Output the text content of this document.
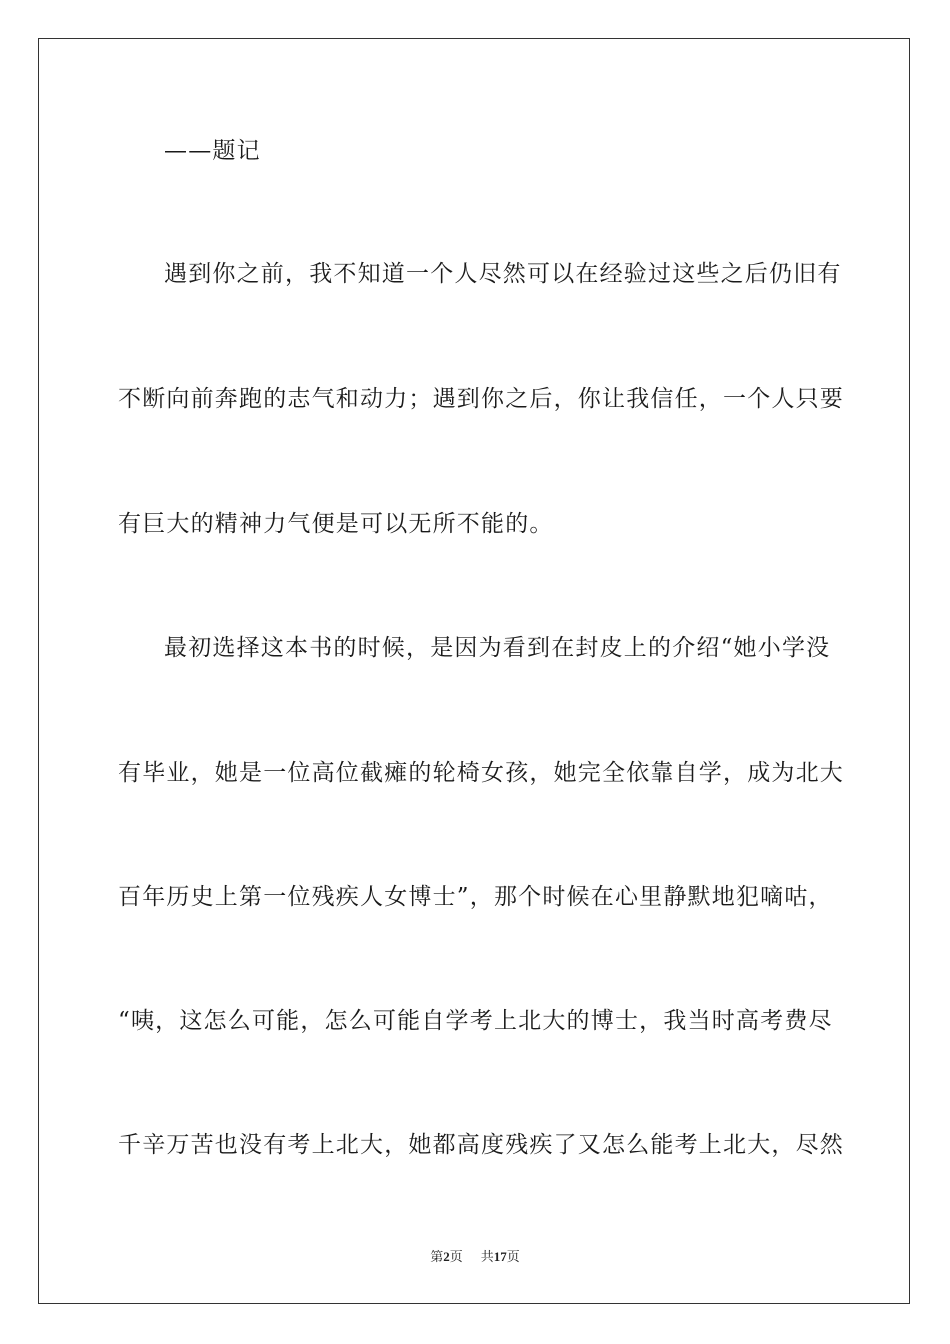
——题记
遇到你之前，我不知道一个人尽然可以在经验过这些之后仍旧有
不断向前奔跑的志气和动力；遇到你之后，你让我信任，一个人只要
有巨大的精神力气便是可以无所不能的。
最初选择这本书的时候，是因为看到在封皮上的介绍“她小学没
有毕业，她是一位高位截瘫的轮椅女孩，她完全依靠自学，成为北大
百年历史上第一位残疾人女博士”，那个时候在心里静默地犯嘀咕，
“咦，这怎么可能，怎么可能自学考上北大的博士，我当时高考费尽
千辛万苦也没有考上北大，她都高度残疾了又怎么能考上北大，尽然
第2页 共17页
